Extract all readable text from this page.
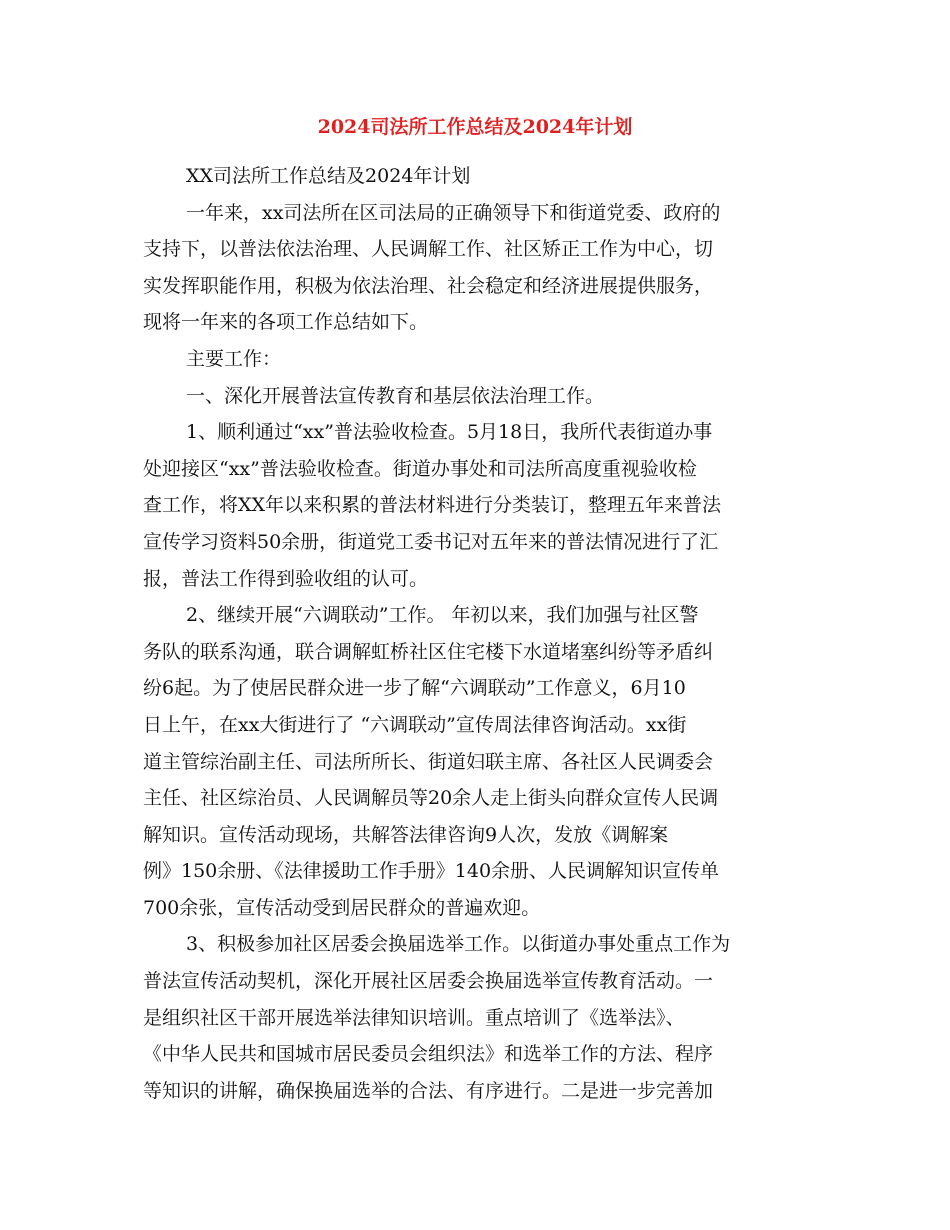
2024司法所工作总结及2024年计划
XX司法所工作总结及2024年计划
一年来，xx司法所在区司法局的正确领导下和街道党委、政府的
支持下，以普法依法治理、人民调解工作、社区矫正工作为中心，切
实发挥职能作用，积极为依法治理、社会稳定和经济进展提供服务，
现将一年来的各项工作总结如下。
主要工作：
一、深化开展普法宣传教育和基层依法治理工作。
1、顺利通过“xx”普法验收检查。5月18日，我所代表街道办事
处迎接区“xx”普法验收检查。街道办事处和司法所高度重视验收检
查工作，将XX年以来积累的普法材料进行分类装订，整理五年来普法
宣传学习资料50余册，街道党工委书记对五年来的普法情况进行了汇
报，普法工作得到验收组的认可。
2、继续开展“六调联动”工作。 年初以来，我们加强与社区警
务队的联系沟通，联合调解虹桥社区住宅楼下水道堵塞纠纷等矛盾纠
纷6起。为了使居民群众进一步了解“六调联动”工作意义，6月10
日上午，在xx大街进行了 “六调联动”宣传周法律咨询活动。xx街
道主管综治副主任、司法所所长、街道妇联主席、各社区人民调委会
主任、社区综治员、人民调解员等20余人走上街头向群众宣传人民调
解知识。宣传活动现场，共解答法律咨询9人次，发放《调解案
例》150余册、《法律援助工作手册》140余册、人民调解知识宣传单
700余张，宣传活动受到居民群众的普遍欢迎。
3、积极参加社区居委会换届选举工作。以街道办事处重点工作为
普法宣传活动契机，深化开展社区居委会换届选举宣传教育活动。一
是组织社区干部开展选举法律知识培训。重点培训了《选举法》、
《中华人民共和国城市居民委员会组织法》和选举工作的方法、程序
等知识的讲解，确保换届选举的合法、有序进行。二是进一步完善加
